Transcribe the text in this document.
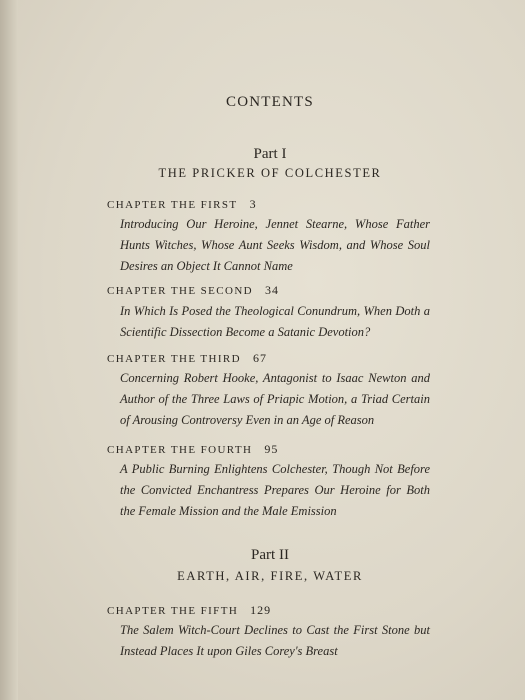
CONTENTS
Part I
THE PRICKER OF COLCHESTER
CHAPTER THE FIRST 3
Introducing Our Heroine, Jennet Stearne, Whose Father Hunts Witches, Whose Aunt Seeks Wisdom, and Whose Soul Desires an Object It Cannot Name
CHAPTER THE SECOND 34
In Which Is Posed the Theological Conundrum, When Doth a Scientific Dissection Become a Satanic Devotion?
CHAPTER THE THIRD 67
Concerning Robert Hooke, Antagonist to Isaac Newton and Author of the Three Laws of Priapic Motion, a Triad Certain of Arousing Controversy Even in an Age of Reason
CHAPTER THE FOURTH 95
A Public Burning Enlightens Colchester, Though Not Before the Convicted Enchantress Prepares Our Heroine for Both the Female Mission and the Male Emission
Part II
EARTH, AIR, FIRE, WATER
CHAPTER THE FIFTH 129
The Salem Witch-Court Declines to Cast the First Stone but Instead Places It upon Giles Corey's Breast
